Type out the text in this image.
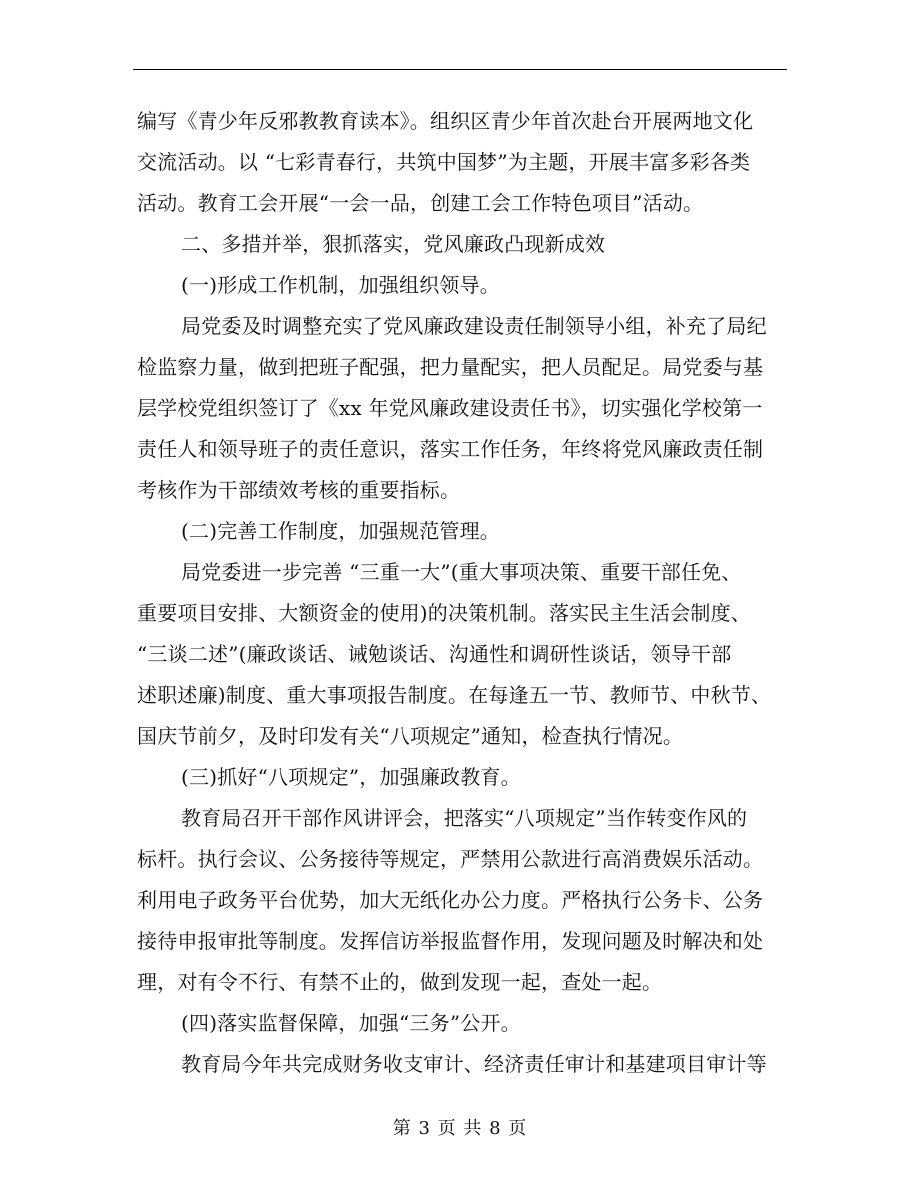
编写《青少年反邪教教育读本》。组织区青少年首次赴台开展两地文化
交流活动。以 “七彩青春行，共筑中国梦”为主题，开展丰富多彩各类
活动。教育工会开展“一会一品，创建工会工作特色项目”活动。
二、多措并举，狠抓落实，党风廉政凸现新成效
(一)形成工作机制，加强组织领导。
局党委及时调整充实了党风廉政建设责任制领导小组，补充了局纪
检监察力量，做到把班子配强，把力量配实，把人员配足。局党委与基
层学校党组织签订了《xx 年党风廉政建设责任书》，切实强化学校第一
责任人和领导班子的责任意识，落实工作任务，年终将党风廉政责任制
考核作为干部绩效考核的重要指标。
(二)完善工作制度，加强规范管理。
局党委进一步完善 “三重一大”(重大事项决策、重要干部任免、
重要项目安排、大额资金的使用)的决策机制。落实民主生活会制度、
“三谈二述”(廉政谈话、诫勉谈话、沟通性和调研性谈话，领导干部
述职述廉)制度、重大事项报告制度。在每逢五一节、教师节、中秋节、
国庆节前夕，及时印发有关“八项规定”通知，检查执行情况。
(三)抓好“八项规定”，加强廉政教育。
教育局召开干部作风讲评会，把落实“八项规定”当作转变作风的
标杆。执行会议、公务接待等规定，严禁用公款进行高消费娱乐活动。
利用电子政务平台优势，加大无纸化办公力度。严格执行公务卡、公务
接待申报审批等制度。发挥信访举报监督作用，发现问题及时解决和处
理，对有令不行、有禁不止的，做到发现一起，查处一起。
(四)落实监督保障，加强“三务”公开。
教育局今年共完成财务收支审计、经济责任审计和基建项目审计等
第 3 页 共 8 页
